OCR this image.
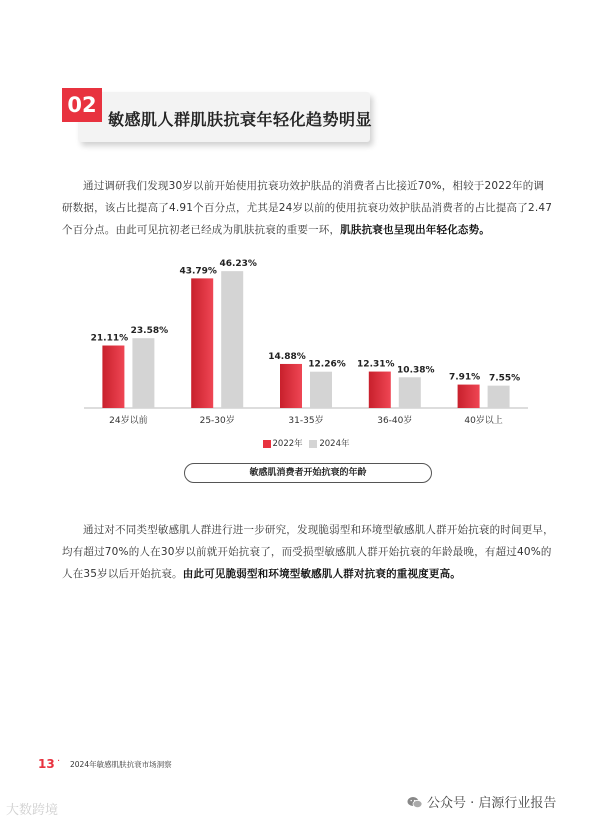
02
敏感肌人群肌肤抗衰年轻化趋势明显
通过调研我们发现30岁以前开始使用抗衰功效护肤品的消费者占比接近70%，相较于2022年的调研数据，该占比提高了4.91个百分点，尤其是24岁以前的使用抗衰功效护肤品消费者的占比提高了2.47个百分点。由此可见抗初老已经成为肌肤抗衰的重要一环，肌肤抗衰也呈现出年轻化态势。
21.11%
23.58%
24岁以前
43.79%
46.23%
25-30岁
14.88%
12.26%
31-35岁
12.31%
10.38%
36-40岁
7.91% 7.55%
40岁以上
2022年 2024年
敏感肌消费者开始抗衰的年龄
通过对不同类型敏感肌人群进行进一步研究，发现脆弱型和环境型敏感肌人群开始抗衰的时间更早，均有超过70%的人在30岁以前就开始抗衰了，而受损型敏感肌人群开始抗衰的年龄最晚，有超过40%的人在35岁以后开始抗衰。由此可见脆弱型和环境型敏感肌人群对抗衰的重视度更高。
13 · 2024年敏感肌肤抗衰市场洞察
公众号 · 启源行业报告
大数跨境
